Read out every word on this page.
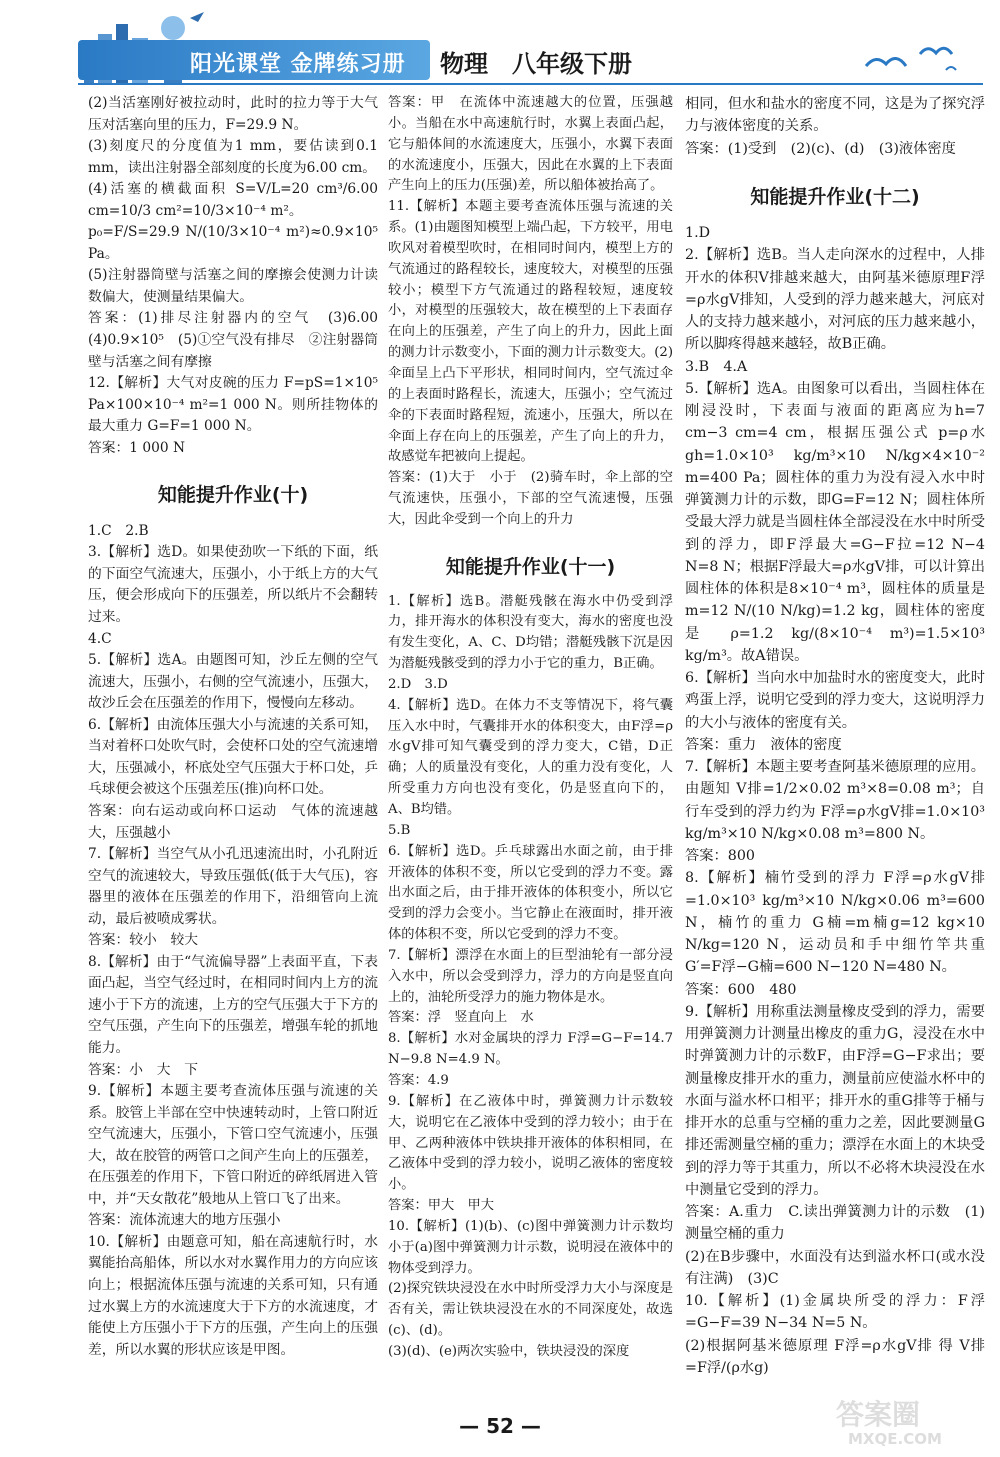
阳光课堂 金牌练习册 物理　八年级下册
(2)当活塞刚好被拉动时，此时的拉力等于大气压对活塞向里的压力，F=29.9 N。
(3)刻度尺的分度值为1 mm，要估读到0.1 mm，读出注射器全部刻度的长度为6.00 cm。
(4)活塞的横截面积 S=V/L=20 cm³/6.00 cm=10/3 cm²=10/3×10⁻⁴ m²。
p₀=F/S=29.9 N/(10/3×10⁻⁴ m²)≈0.9×10⁵ Pa。
(5)注射器筒壁与活塞之间的摩擦会使测力计读数偏大，使测量结果偏大。
答案：(1)排尽注射器内的空气　(3)6.00　(4)0.9×10⁵　(5)①空气没有排尽　②注射器筒壁与活塞之间有摩擦
12.【解析】大气对皮碗的压力 F=pS=1×10⁵ Pa×100×10⁻⁴ m²=1 000 N。则所挂物体的最大重力 G=F=1 000 N。
答案：1 000 N
知能提升作业(十)
1.C　2.B
3.【解析】选D。如果使劲吹一下纸的下面，纸的下面空气流速大，压强小，小于纸上方的大气压，便会形成向下的压强差，所以纸片不会翻转过来。
4.C
5.【解析】选A。由题图可知，沙丘左侧的空气流速大，压强小，右侧的空气流速小，压强大，故沙丘会在压强差的作用下，慢慢向左移动。
6.【解析】由流体压强大小与流速的关系可知，当对着杯口处吹气时，会使杯口处的空气流速增大，压强减小，杯底处空气压强大于杯口处，乒乓球便会被这个压强差压(推)向杯口处。
答案：向右运动或向杯口运动　气体的流速越大，压强越小
7.【解析】当空气从小孔迅速流出时，小孔附近空气的流速较大，导致压强低(低于大气压)，容器里的液体在压强差的作用下，沿细管向上流动，最后被喷成雾状。
答案：较小　较大
8.【解析】由于“气流偏导器”上表面平直，下表面凸起，当空气经过时，在相同时间内上方的流速小于下方的流速，上方的空气压强大于下方的空气压强，产生向下的压强差，增强车轮的抓地能力。
答案：小　大　下
9.【解析】本题主要考查流体压强与流速的关系。胶管上半部在空中快速转动时，上管口附近空气流速大，压强小，下管口空气流速小，压强大，故在胶管的两管口之间产生向上的压强差，在压强差的作用下，下管口附近的碎纸屑进入管中，并“天女散花”般地从上管口飞了出来。
答案：流体流速大的地方压强小
10.【解析】由题意可知，船在高速航行时，水翼能抬高船体，所以水对水翼作用力的方向应该向上；根据流体压强与流速的关系可知，只有通过水翼上方的水流速度大于下方的水流速度，才能使上方压强小于下方的压强，产生向上的压强差，所以水翼的形状应该是甲图。
答案：甲　在流体中流速越大的位置，压强越小。当船在水中高速航行时，水翼上表面凸起，它与船体间的水流速度大，压强小，水翼下表面的水流速度小，压强大，因此在水翼的上下表面产生向上的压力(压强)差，所以船体被抬高了。
11.【解析】本题主要考查流体压强与流速的关系。(1)由题图知模型上端凸起，下方较平，用电吹风对着模型吹时，在相同时间内，模型上方的气流通过的路程较长，速度较大，对模型的压强较小；模型下方气流通过的路程较短，速度较小，对模型的压强较大，故在模型的上下表面存在向上的压强差，产生了向上的升力，因此上面的测力计示数变小，下面的测力计示数变大。(2)伞面呈上凸下平形状，相同时间内，空气流过伞的上表面时路程长，流速大，压强小；空气流过伞的下表面时路程短，流速小，压强大，所以在伞面上存在向上的压强差，产生了向上的升力，故感觉车把被向上提起。
答案：(1)大于　小于　(2)骑车时，伞上部的空气流速快，压强小，下部的空气流速慢，压强大，因此伞受到一个向上的升力
知能提升作业(十一)
1.【解析】选B。潜艇残骸在海水中仍受到浮力，排开海水的体积没有变大，海水的密度也没有发生变化，A、C、D均错；潜艇残骸下沉是因为潜艇残骸受到的浮力小于它的重力，B正确。
2.D　3.D
4.【解析】选D。在体力不支等情况下，将气囊压入水中时，气囊排开水的体积变大，由F浮=ρ水gV排可知气囊受到的浮力变大，C错，D正确；人的质量没有变化，人的重力没有变化，人所受重力方向也没有变化，仍是竖直向下的，A、B均错。
5.B
6.【解析】选D。乒乓球露出水面之前，由于排开液体的体积不变，所以它受到的浮力不变。露出水面之后，由于排开液体的体积变小，所以它受到的浮力会变小。当它静止在液面时，排开液体的体积不变，所以它受到的浮力不变。
7.【解析】漂浮在水面上的巨型油轮有一部分浸入水中，所以会受到浮力，浮力的方向是竖直向上的，油轮所受浮力的施力物体是水。
答案：浮　竖直向上　水
8.【解析】水对金属块的浮力 F浮=G−F=14.7 N−9.8 N=4.9 N。
答案：4.9
9.【解析】在乙液体中时，弹簧测力计示数较大，说明它在乙液体中受到的浮力较小；由于在甲、乙两种液体中铁块排开液体的体积相同，在乙液体中受到的浮力较小，说明乙液体的密度较小。
答案：甲大　甲大
10.【解析】(1)(b)、(c)图中弹簧测力计示数均小于(a)图中弹簧测力计示数，说明浸在液体中的物体受到浮力。
(2)探究铁块浸没在水中时所受浮力大小与深度是否有关，需让铁块浸没在水的不同深度处，故选(c)、(d)。
(3)(d)、(e)两次实验中，铁块浸没的深度
相同，但水和盐水的密度不同，这是为了探究浮力与液体密度的关系。
答案：(1)受到　(2)(c)、(d)　(3)液体密度
知能提升作业(十二)
1.D
2.【解析】选B。当人走向深水的过程中，人排开水的体积V排越来越大，由阿基米德原理F浮=ρ水gV排知，人受到的浮力越来越大，河底对人的支持力越来越小，对河底的压力越来越小，所以脚疼得越来越轻，故B正确。
3.B　4.A
5.【解析】选A。由图象可以看出，当圆柱体在刚浸没时，下表面与液面的距离应为h=7 cm−3 cm=4 cm，根据压强公式 p=ρ水gh=1.0×10³ kg/m³×10 N/kg×4×10⁻² m=400 Pa；圆柱体的重力为没有浸入水中时弹簧测力计的示数，即G=F=12 N；圆柱体所受最大浮力就是当圆柱体全部浸没在水中时所受到的浮力，即F浮最大=G−F拉=12 N−4 N=8 N；根据F浮最大=ρ水gV排，可以计算出圆柱体的体积是8×10⁻⁴ m³，圆柱体的质量是 m=12 N/(10 N/kg)=1.2 kg，圆柱体的密度是 ρ=1.2 kg/(8×10⁻⁴ m³)=1.5×10³ kg/m³。故A错误。
6.【解析】当向水中加盐时水的密度变大，此时鸡蛋上浮，说明它受到的浮力变大，这说明浮力的大小与液体的密度有关。
答案：重力　液体的密度
7.【解析】本题主要考查阿基米德原理的应用。由题知 V排=1/2×0.02 m³×8=0.08 m³；自行车受到的浮力约为 F浮=ρ水gV排=1.0×10³ kg/m³×10 N/kg×0.08 m³=800 N。
答案：800
8.【解析】楠竹受到的浮力 F浮=ρ水gV排=1.0×10³ kg/m³×10 N/kg×0.06 m³=600 N，楠竹的重力 G楠=m楠g=12 kg×10 N/kg=120 N，运动员和手中细竹竿共重 G′=F浮−G楠=600 N−120 N=480 N。
答案：600　480
9.【解析】用称重法测量橡皮受到的浮力，需要用弹簧测力计测量出橡皮的重力G，浸没在水中时弹簧测力计的示数F，由F浮=G−F求出；要测量橡皮排开水的重力，测量前应使溢水杯中的水面与溢水杯口相平；排开水的重G排等于桶与排开水的总重与空桶的重力之差，因此要测量G排还需测量空桶的重力；漂浮在水面上的木块受到的浮力等于其重力，所以不必将木块浸没在水中测量它受到的浮力。
答案：A.重力　C.读出弹簧测力计的示数　(1)测量空桶的重力
(2)在B步骤中，水面没有达到溢水杯口(或水没有注满)　(3)C
10.【解析】(1)金属块所受的浮力：F浮=G−F=39 N−34 N=5 N。
(2)根据阿基米德原理 F浮=ρ水gV排 得 V排=F浮/(ρ水g)
— 52 —	答案圈
MXQE.COM
